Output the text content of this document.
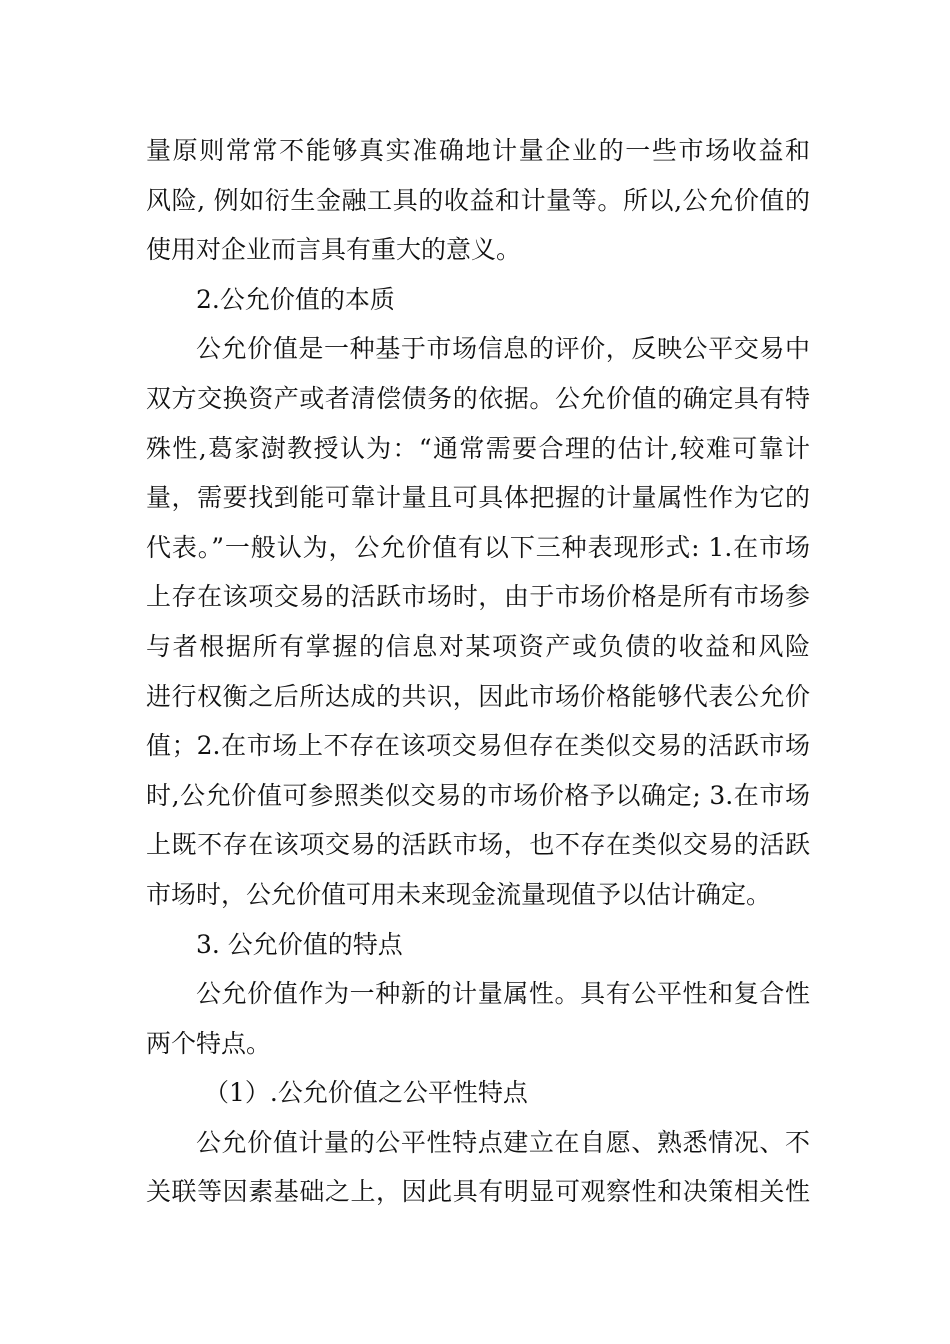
量原则常常不能够真实准确地计量企业的一些市场收益和
风险, 例如衍生金融工具的收益和计量等。所以,公允价值的
使用对企业而言具有重大的意义。
2.公允价值的本质
公允价值是一种基于市场信息的评价，反映公平交易中
双方交换资产或者清偿债务的依据。公允价值的确定具有特
殊性,葛家澍教授认为：“通常需要合理的估计,较难可靠计
量，需要找到能可靠计量且可具体把握的计量属性作为它的
代表。”一般认为，公允价值有以下三种表现形式: 1.在市场
上存在该项交易的活跃市场时，由于市场价格是所有市场参
与者根据所有掌握的信息对某项资产或负债的收益和风险
进行权衡之后所达成的共识，因此市场价格能够代表公允价
值；2.在市场上不存在该项交易但存在类似交易的活跃市场
时,公允价值可参照类似交易的市场价格予以确定; 3.在市场
上既不存在该项交易的活跃市场，也不存在类似交易的活跃
市场时，公允价值可用未来现金流量现值予以估计确定。
3. 公允价值的特点
公允价值作为一种新的计量属性。具有公平性和复合性
两个特点。
（1）.公允价值之公平性特点
公允价值计量的公平性特点建立在自愿、熟悉情况、不
关联等因素基础之上，因此具有明显可观察性和决策相关性
